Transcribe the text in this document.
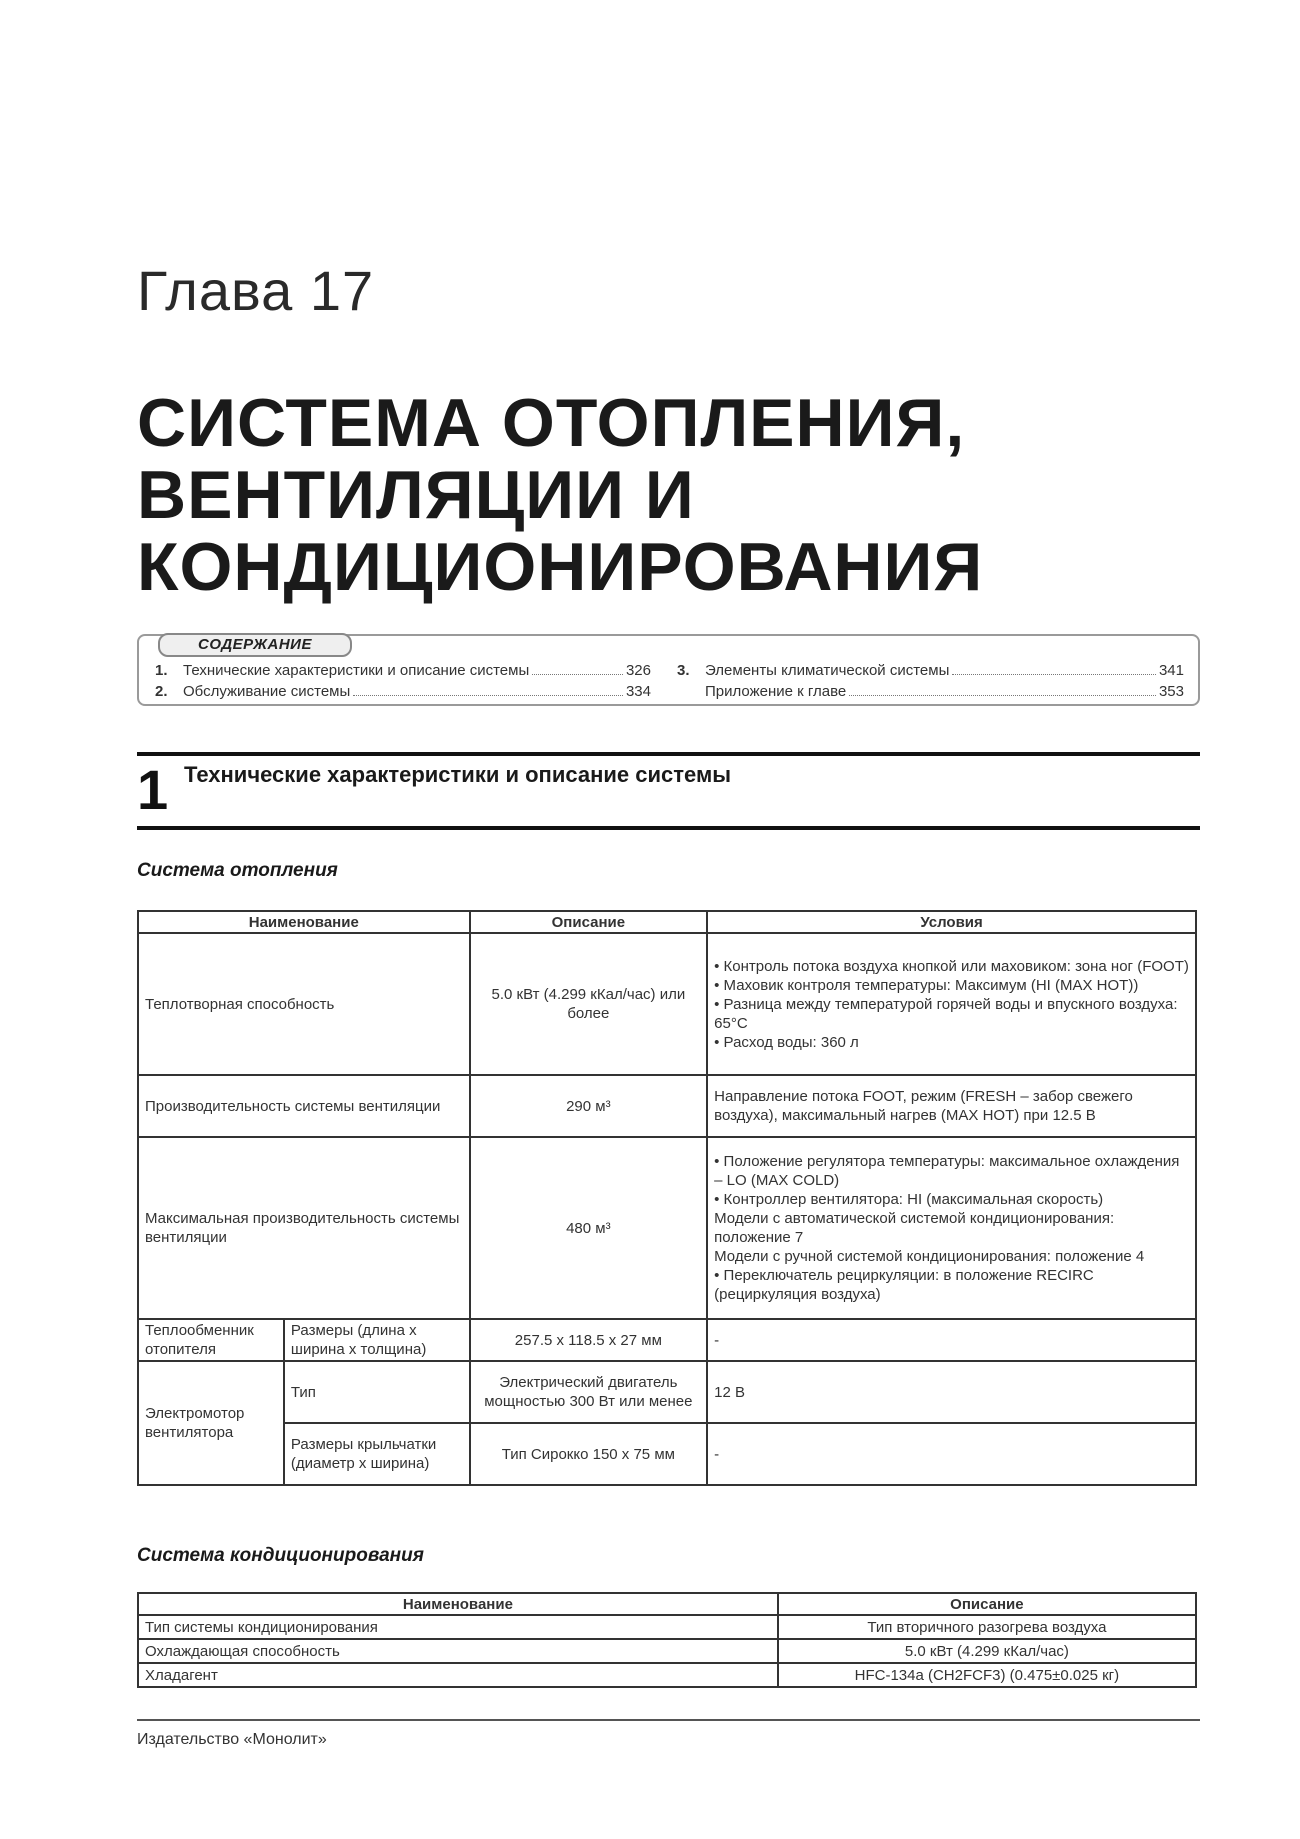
Глава 17
СИСТЕМА ОТОПЛЕНИЯ,
ВЕНТИЛЯЦИИ И
КОНДИЦИОНИРОВАНИЯ
СОДЕРЖАНИЕ
1.	Технические характеристики и описание системы	326
2.	Обслуживание системы	334
3.	Элементы климатической системы	341
Приложение к главе	353
1 Технические характеристики и описание системы
Система отопления
Наименование		Описание	Условия
Теплотворная способность		5.0 кВт (4.299 кКал/час) или более	• Контроль потока воздуха кнопкой или маховиком: зона ног (FOOT)
• Маховик контроля температуры: Максимум (HI (MAX HOT))
• Разница между температурой горячей воды и впускного воздуха: 65°С
• Расход воды: 360 л

Производительность системы вентиляции		290 м³	Направление потока FOOT, режим (FRESH – забор свежего воздуха), максимальный нагрев (MAX HOT) при 12.5 В

Максимальная производительность системы вентиляции		480 м³	• Положение регулятора температуры: максимальное охлаждения – LO (MAX COLD)
• Контроллер вентилятора: HI (максимальная скорость)
Модели с автоматической системой кондиционирования: положение 7
Модели с ручной системой кондиционирования: положение 4
• Переключатель рециркуляции: в положение RECIRC (рециркуляция воздуха)

Теплообменник отопителя	Размеры (длина х ширина х толщина)	257.5 x 118.5 x 27 мм	-
Электромотор вентилятора	Тип	Электрический двигатель мощностью 300 Вт или менее	12 В
	Размеры крыльчатки (диаметр х ширина)	Тип Сирокко 150 x 75 мм	-
Система кондиционирования
Наименование	Описание
Тип системы кондиционирования	Тип вторичного разогрева воздуха
Охлаждающая способность	5.0 кВт (4.299 кКал/час)
Хладагент	HFC-134a (CH2FCF3) (0.475±0.025 кг)
Издательство «Монолит»
